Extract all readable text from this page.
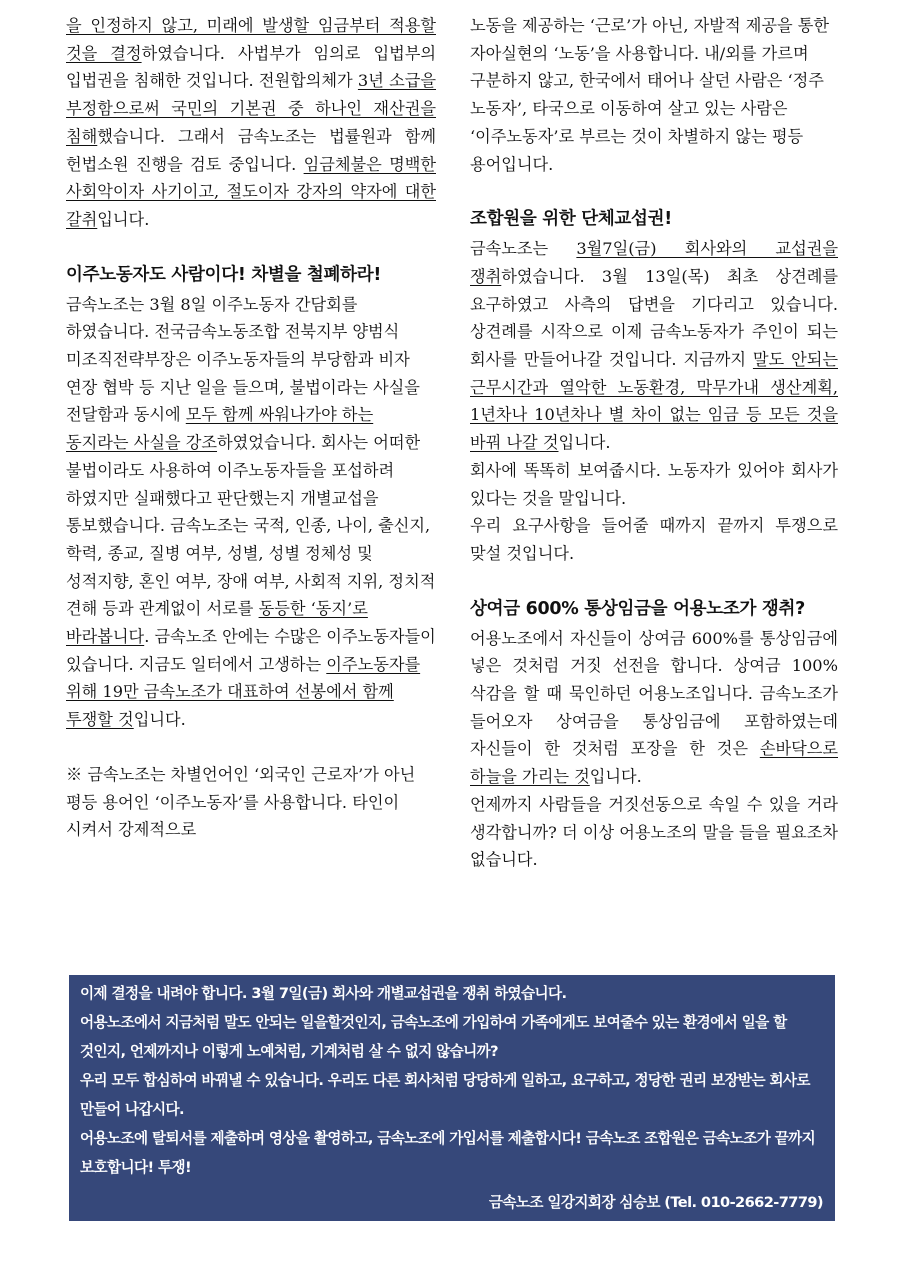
을 인정하지 않고, 미래에 발생할 임금부터 적용할 것을 결정하였습니다. 사법부가 임의로 입법부의 입법권을 침해한 것입니다. 전원합의체가 3년 소급을 부정함으로써 국민의 기본권 중 하나인 재산권을 침해했습니다. 그래서 금속노조는 법률원과 함께 헌법소원 진행을 검토 중입니다. 임금체불은 명백한 사회악이자 사기이고, 절도이자 강자의 약자에 대한 갈취입니다.

이주노동자도 사람이다! 차별을 철폐하라!

금속노조는 3월 8일 이주노동자 간담회를 하였습니다. 전국금속노동조합 전북지부 양범식 미조직전략부장은 이주노동자들의 부당함과 비자 연장 협박 등 지난 일을 들으며, 불법이라는 사실을 전달함과 동시에 모두 함께 싸워나가야 하는 동지라는 사실을 강조하였었습니다. 회사는 어떠한 불법이라도 사용하여 이주노동자들을 포섭하려 하였지만 실패했다고 판단했는지 개별교섭을 통보했습니다. 금속노조는 국적, 인종, 나이, 출신지, 학력, 종교, 질병 여부, 성별, 성별 정체성 및 성적지향, 혼인 여부, 장애 여부, 사회적 지위, 정치적 견해 등과 관계없이 서로를 동등한 ‘동지’로 바라봅니다. 금속노조 안에는 수많은 이주노동자들이 있습니다. 지금도 일터에서 고생하는 이주노동자를 위해 19만 금속노조가 대표하여 선봉에서 함께 투쟁할 것입니다.

※ 금속노조는 차별언어인 ‘외국인 근로자’가 아닌 평등 용어인 ‘이주노동자’를 사용합니다. 타인이 시켜서 강제적으로

노동을 제공하는 ‘근로’가 아닌, 자발적 제공을 통한 자아실현의 ‘노동’을 사용합니다. 내/외를 가르며 구분하지 않고, 한국에서 태어나 살던 사람은 ‘정주 노동자’, 타국으로 이동하여 살고 있는 사람은 ‘이주노동자’로 부르는 것이 차별하지 않는 평등 용어입니다.

조합원을 위한 단체교섭권!

금속노조는 3월7일(금) 회사와의 교섭권을 쟁취하였습니다. 3월 13일(목) 최초 상견례를 요구하였고 사측의 답변을 기다리고 있습니다. 상견례를 시작으로 이제 금속노동자가 주인이 되는 회사를 만들어나갈 것입니다. 지금까지 말도 안되는 근무시간과 열악한 노동환경, 막무가내 생산계획, 1년차나 10년차나 별 차이 없는 임금 등 모든 것을 바꿔 나갈 것입니다.

회사에 똑똑히 보여줍시다. 노동자가 있어야 회사가 있다는 것을 말입니다.

우리 요구사항을 들어줄 때까지 끝까지 투쟁으로 맞설 것입니다.

상여금 600% 통상임금을 어용노조가 쟁취?

어용노조에서 자신들이 상여금 600%를 통상임금에 넣은 것처럼 거짓 선전을 합니다. 상여금 100% 삭감을 할 때 묵인하던 어용노조입니다. 금속노조가 들어오자 상여금을 통상임금에 포함하였는데 자신들이 한 것처럼 포장을 한 것은 손바닥으로 하늘을 가리는 것입니다.

언제까지 사람들을 거짓선동으로 속일 수 있을 거라 생각합니까? 더 이상 어용노조의 말을 들을 필요조차 없습니다.

이제 결정을 내려야 합니다. 3월 7일(금) 회사와 개별교섭권을 쟁취 하였습니다.

어용노조에서 지금처럼 말도 안되는 일을할것인지, 금속노조에 가입하여 가족에게도 보여줄수 있는 환경에서 일을 할 것인지, 언제까지나 이렇게 노예처럼, 기계처럼 살 수 없지 않습니까?

우리 모두 합심하여 바꿔낼 수 있습니다. 우리도 다른 회사처럼 당당하게 일하고, 요구하고, 정당한 권리 보장받는 회사로 만들어 나갑시다.

어용노조에 탈퇴서를 제출하며 영상을 촬영하고, 금속노조에 가입서를 제출합시다! 금속노조 조합원은 금속노조가 끝까지 보호합니다! 투쟁!

금속노조 일강지회장 심승보 (Tel. 010-2662-7779)
